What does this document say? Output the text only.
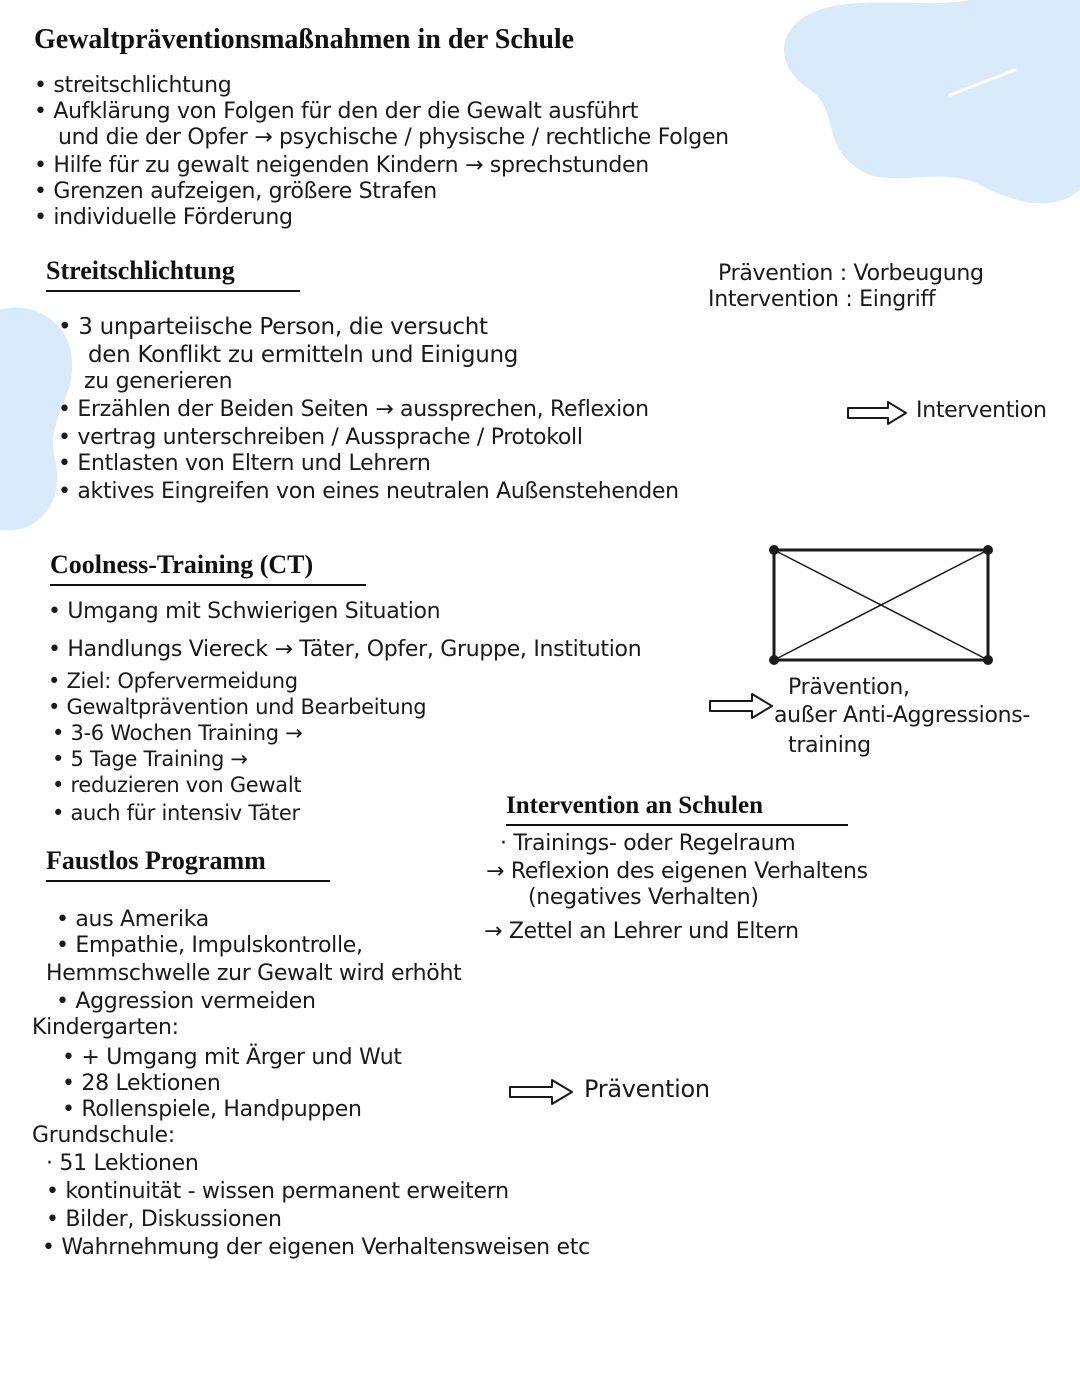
Gewaltpräventionsmaßnahmen in der Schule
• streitschlichtung
• Aufklärung von Folgen für den der die Gewalt ausführt
und die der Opfer → psychische / physische / rechtliche Folgen
• Hilfe für zu gewalt neigenden Kindern → sprechstunden
• Grenzen aufzeigen, größere Strafen
• individuelle Förderung
Streitschlichtung	Prävention : Vorbeugung
Intervention : Eingriff
• 3 unparteiische Person, die versucht
den Konflikt zu ermitteln und Einigung
zu generieren
• Erzählen der Beiden Seiten → aussprechen, Reflexion
• vertrag unterschreiben / Aussprache / Protokoll
• Entlasten von Eltern und Lehrern
• aktives Eingreifen von eines neutralen Außenstehenden
Intervention
Coolness-Training (CT)
• Umgang mit Schwierigen Situation
• Handlungs Viereck → Täter, Opfer, Gruppe, Institution
• Ziel: Opfervermeidung
• Gewaltprävention und Bearbeitung
• 3-6 Wochen Training →
• 5 Tage Training →
• reduzieren von Gewalt
• auch für intensiv Täter
Prävention,
außer Anti-Aggressions-
training
Intervention an Schulen
· Trainings- oder Regelraum
→ Reflexion des eigenen Verhaltens
(negatives Verhalten)
→ Zettel an Lehrer und Eltern
Faustlos Programm
• aus Amerika
• Empathie, Impulskontrolle,
Hemmschwelle zur Gewalt wird erhöht
• Aggression vermeiden
Kindergarten:
• + Umgang mit Ärger und Wut
• 28 Lektionen
• Rollenspiele, Handpuppen
Grundschule:
· 51 Lektionen
• kontinuität - wissen permanent erweitern
• Bilder, Diskussionen
• Wahrnehmung der eigenen Verhaltensweisen etc
Prävention
